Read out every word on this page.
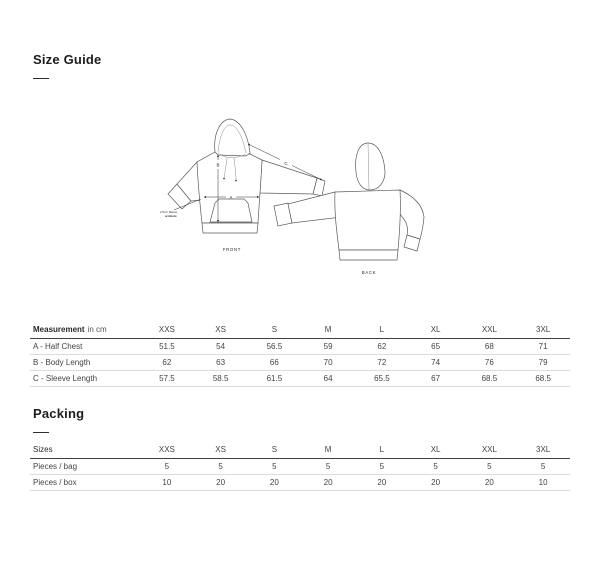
Size Guide
A
B	C
2.5cm Below
armhole
FRONT
BACK
Measurement in cm	XXS	XS	S	M	L	XL	XXL	3XL
A - Half Chest	51.5	54	56.5	59	62	65	68	71
B - Body Length	62	63	66	70	72	74	76	79
C - Sleeve Length	57.5	58.5	61.5	64	65.5	67	68.5	68.5
Packing
Sizes	XXS	XS	S	M	L	XL	XXL	3XL
Pieces / bag	5	5	5	5	5	5	5	5
Pieces / box	10	20	20	20	20	20	20	10
